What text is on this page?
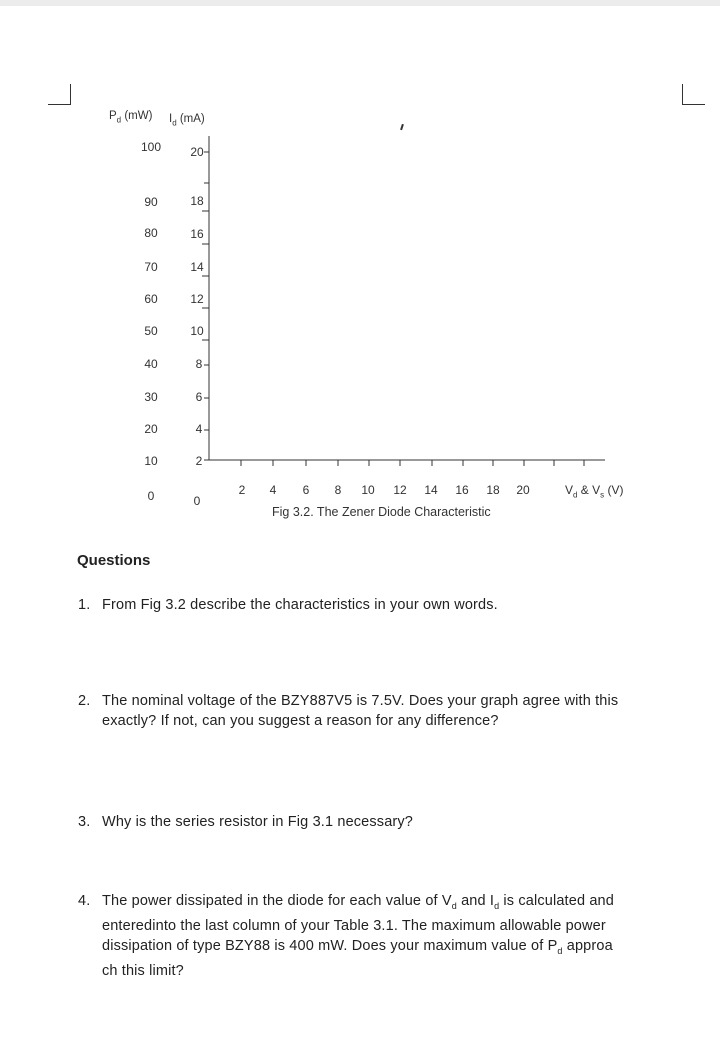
$P_d$ (mW) $I_d$ (mA)
100
90
80
70
60
50
40
30
20
10
0
20
18
16
14
12
10
8
6
4
2
0
2	4	6	8	10	12	14	16	18	20	$V_d$ & $V_s$ (V)
Fig 3.2. The Zener Diode Characteristic
Questions
1. From Fig 3.2 describe the characteristics in your own words.
2. The nominal voltage of the BZY887V5 is 7.5V. Does your graph agree with this
exactly? If not, can you suggest a reason for any difference?
3. Why is the series resistor in Fig 3.1 necessary?
4. The power dissipated in the diode for each value of $V_d$ and $I_d$ is calculated and
enteredinto the last column of your Table 3.1. The maximum allowable power
dissipation of type BZY88 is 400 mW. Does your maximum value of $P_d$ approa
ch this limit?
